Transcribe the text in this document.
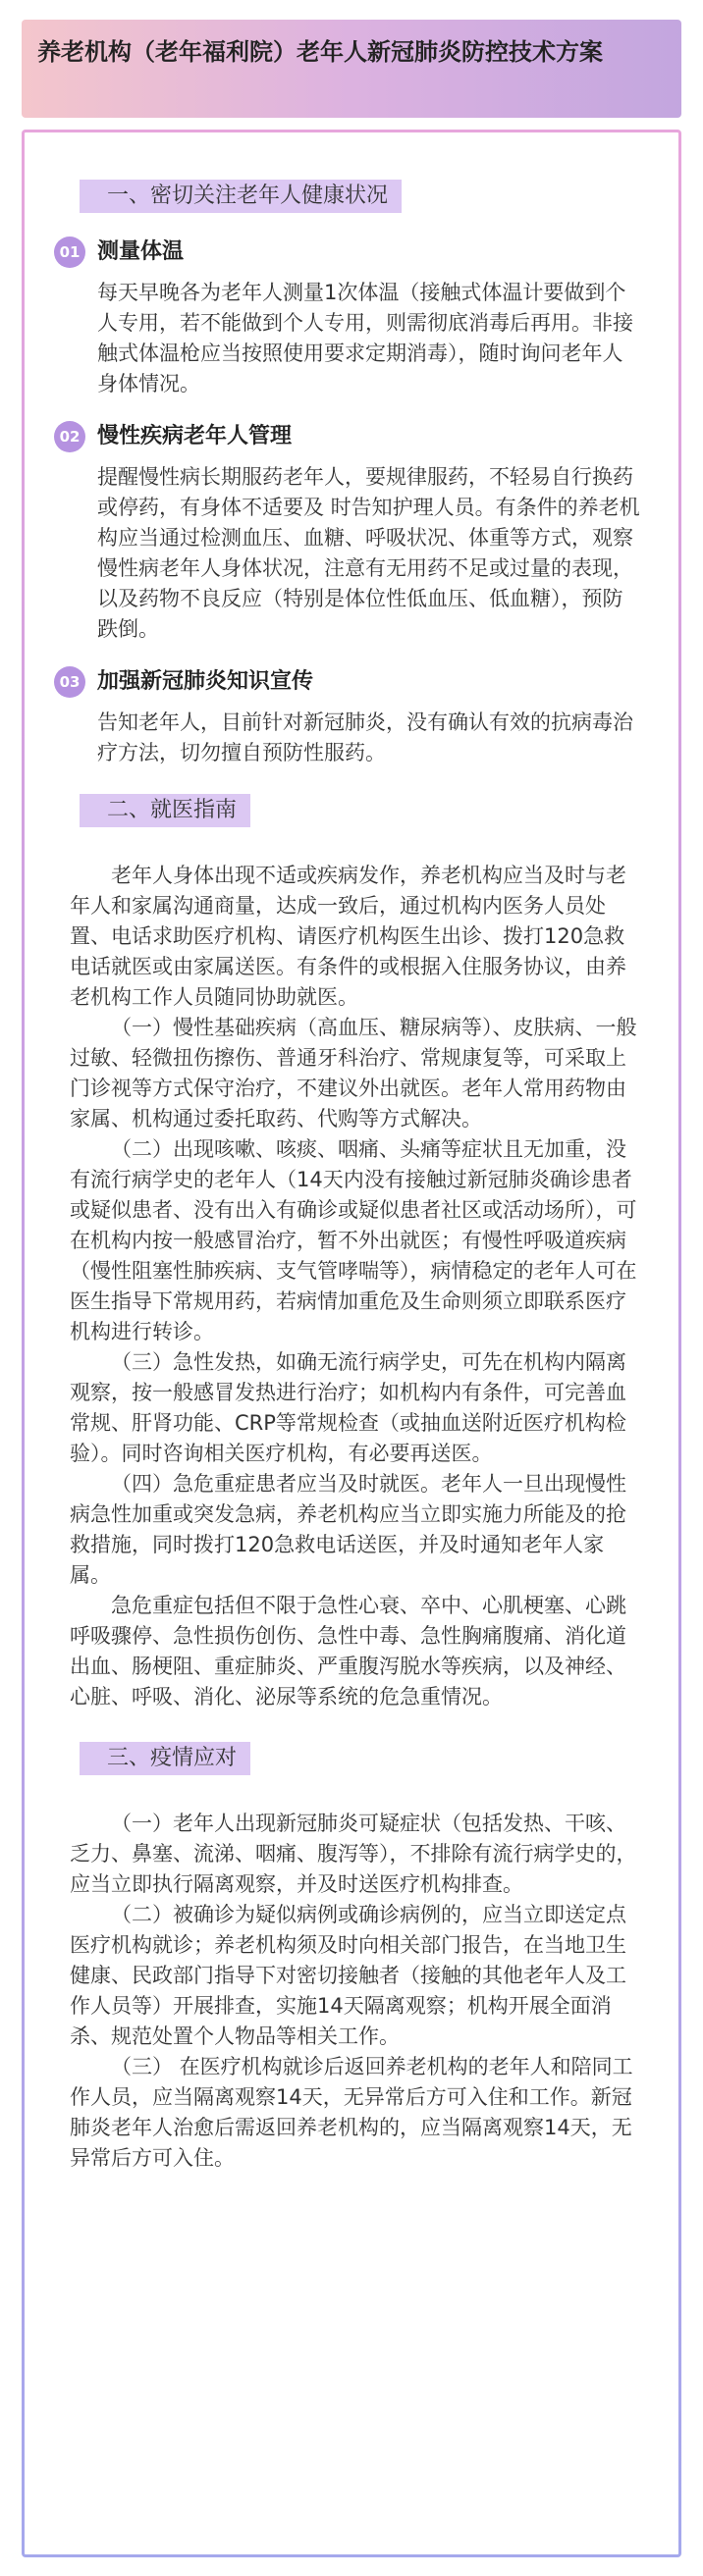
养老机构（老年福利院）老年人新冠肺炎防控技术方案
一、密切关注老年人健康状况
01 测量体温
每天早晚各为老年人测量1次体温（接触式体温计要做到个人专用，若不能做到个人专用，则需彻底消毒后再用。非接触式体温枪应当按照使用要求定期消毒），随时询问老年人身体情况。
02 慢性疾病老年人管理
提醒慢性病长期服药老年人，要规律服药，不轻易自行换药或停药，有身体不适要及 时告知护理人员。有条件的养老机构应当通过检测血压、血糖、呼吸状况、体重等方式，观察慢性病老年人身体状况，注意有无用药不足或过量的表现，以及药物不良反应（特别是体位性低血压、低血糖），预防跌倒。
03 加强新冠肺炎知识宣传
告知老年人，目前针对新冠肺炎，没有确认有效的抗病毒治疗方法，切勿擅自预防性服药。
二、就医指南

老年人身体出现不适或疾病发作，养老机构应当及时与老年人和家属沟通商量，达成一致后，通过机构内医务人员处置、电话求助医疗机构、请医疗机构医生出诊、拨打120急救电话就医或由家属送医。有条件的或根据入住服务协议，由养老机构工作人员随同协助就医。

（一）慢性基础疾病（高血压、糖尿病等）、皮肤病、一般过敏、轻微扭伤擦伤、普通牙科治疗、常规康复等，可采取上门诊视等方式保守治疗，不建议外出就医。老年人常用药物由家属、机构通过委托取药、代购等方式解决。

（二）出现咳嗽、咳痰、咽痛、头痛等症状且无加重，没有流行病学史的老年人（14天内没有接触过新冠肺炎确诊患者或疑似患者、没有出入有确诊或疑似患者社区或活动场所），可在机构内按一般感冒治疗，暂不外出就医；有慢性呼吸道疾病（慢性阻塞性肺疾病、支气管哮喘等），病情稳定的老年人可在医生指导下常规用药，若病情加重危及生命则须立即联系医疗机构进行转诊。

（三）急性发热，如确无流行病学史，可先在机构内隔离观察，按一般感冒发热进行治疗；如机构内有条件，可完善血常规、肝肾功能、CRP等常规检查（或抽血送附近医疗机构检验）。同时咨询相关医疗机构，有必要再送医。

（四）急危重症患者应当及时就医。老年人一旦出现慢性病急性加重或突发急病，养老机构应当立即实施力所能及的抢救措施，同时拨打120急救电话送医，并及时通知老年人家属。

急危重症包括但不限于急性心衰、卒中、心肌梗塞、心跳呼吸骤停、急性损伤创伤、急性中毒、急性胸痛腹痛、消化道出血、肠梗阻、重症肺炎、严重腹泻脱水等疾病，以及神经、心脏、呼吸、消化、泌尿等系统的危急重情况。

三、疫情应对

（一）老年人出现新冠肺炎可疑症状（包括发热、干咳、乏力、鼻塞、流涕、咽痛、腹泻等），不排除有流行病学史的，应当立即执行隔离观察，并及时送医疗机构排查。

（二）被确诊为疑似病例或确诊病例的，应当立即送定点医疗机构就诊；养老机构须及时向相关部门报告，在当地卫生健康、民政部门指导下对密切接触者（接触的其他老年人及工作人员等）开展排查，实施14天隔离观察；机构开展全面消杀、规范处置个人物品等相关工作。

（三） 在医疗机构就诊后返回养老机构的老年人和陪同工作人员，应当隔离观察14天，无异常后方可入住和工作。新冠肺炎老年人治愈后需返回养老机构的，应当隔离观察14天，无异常后方可入住。
